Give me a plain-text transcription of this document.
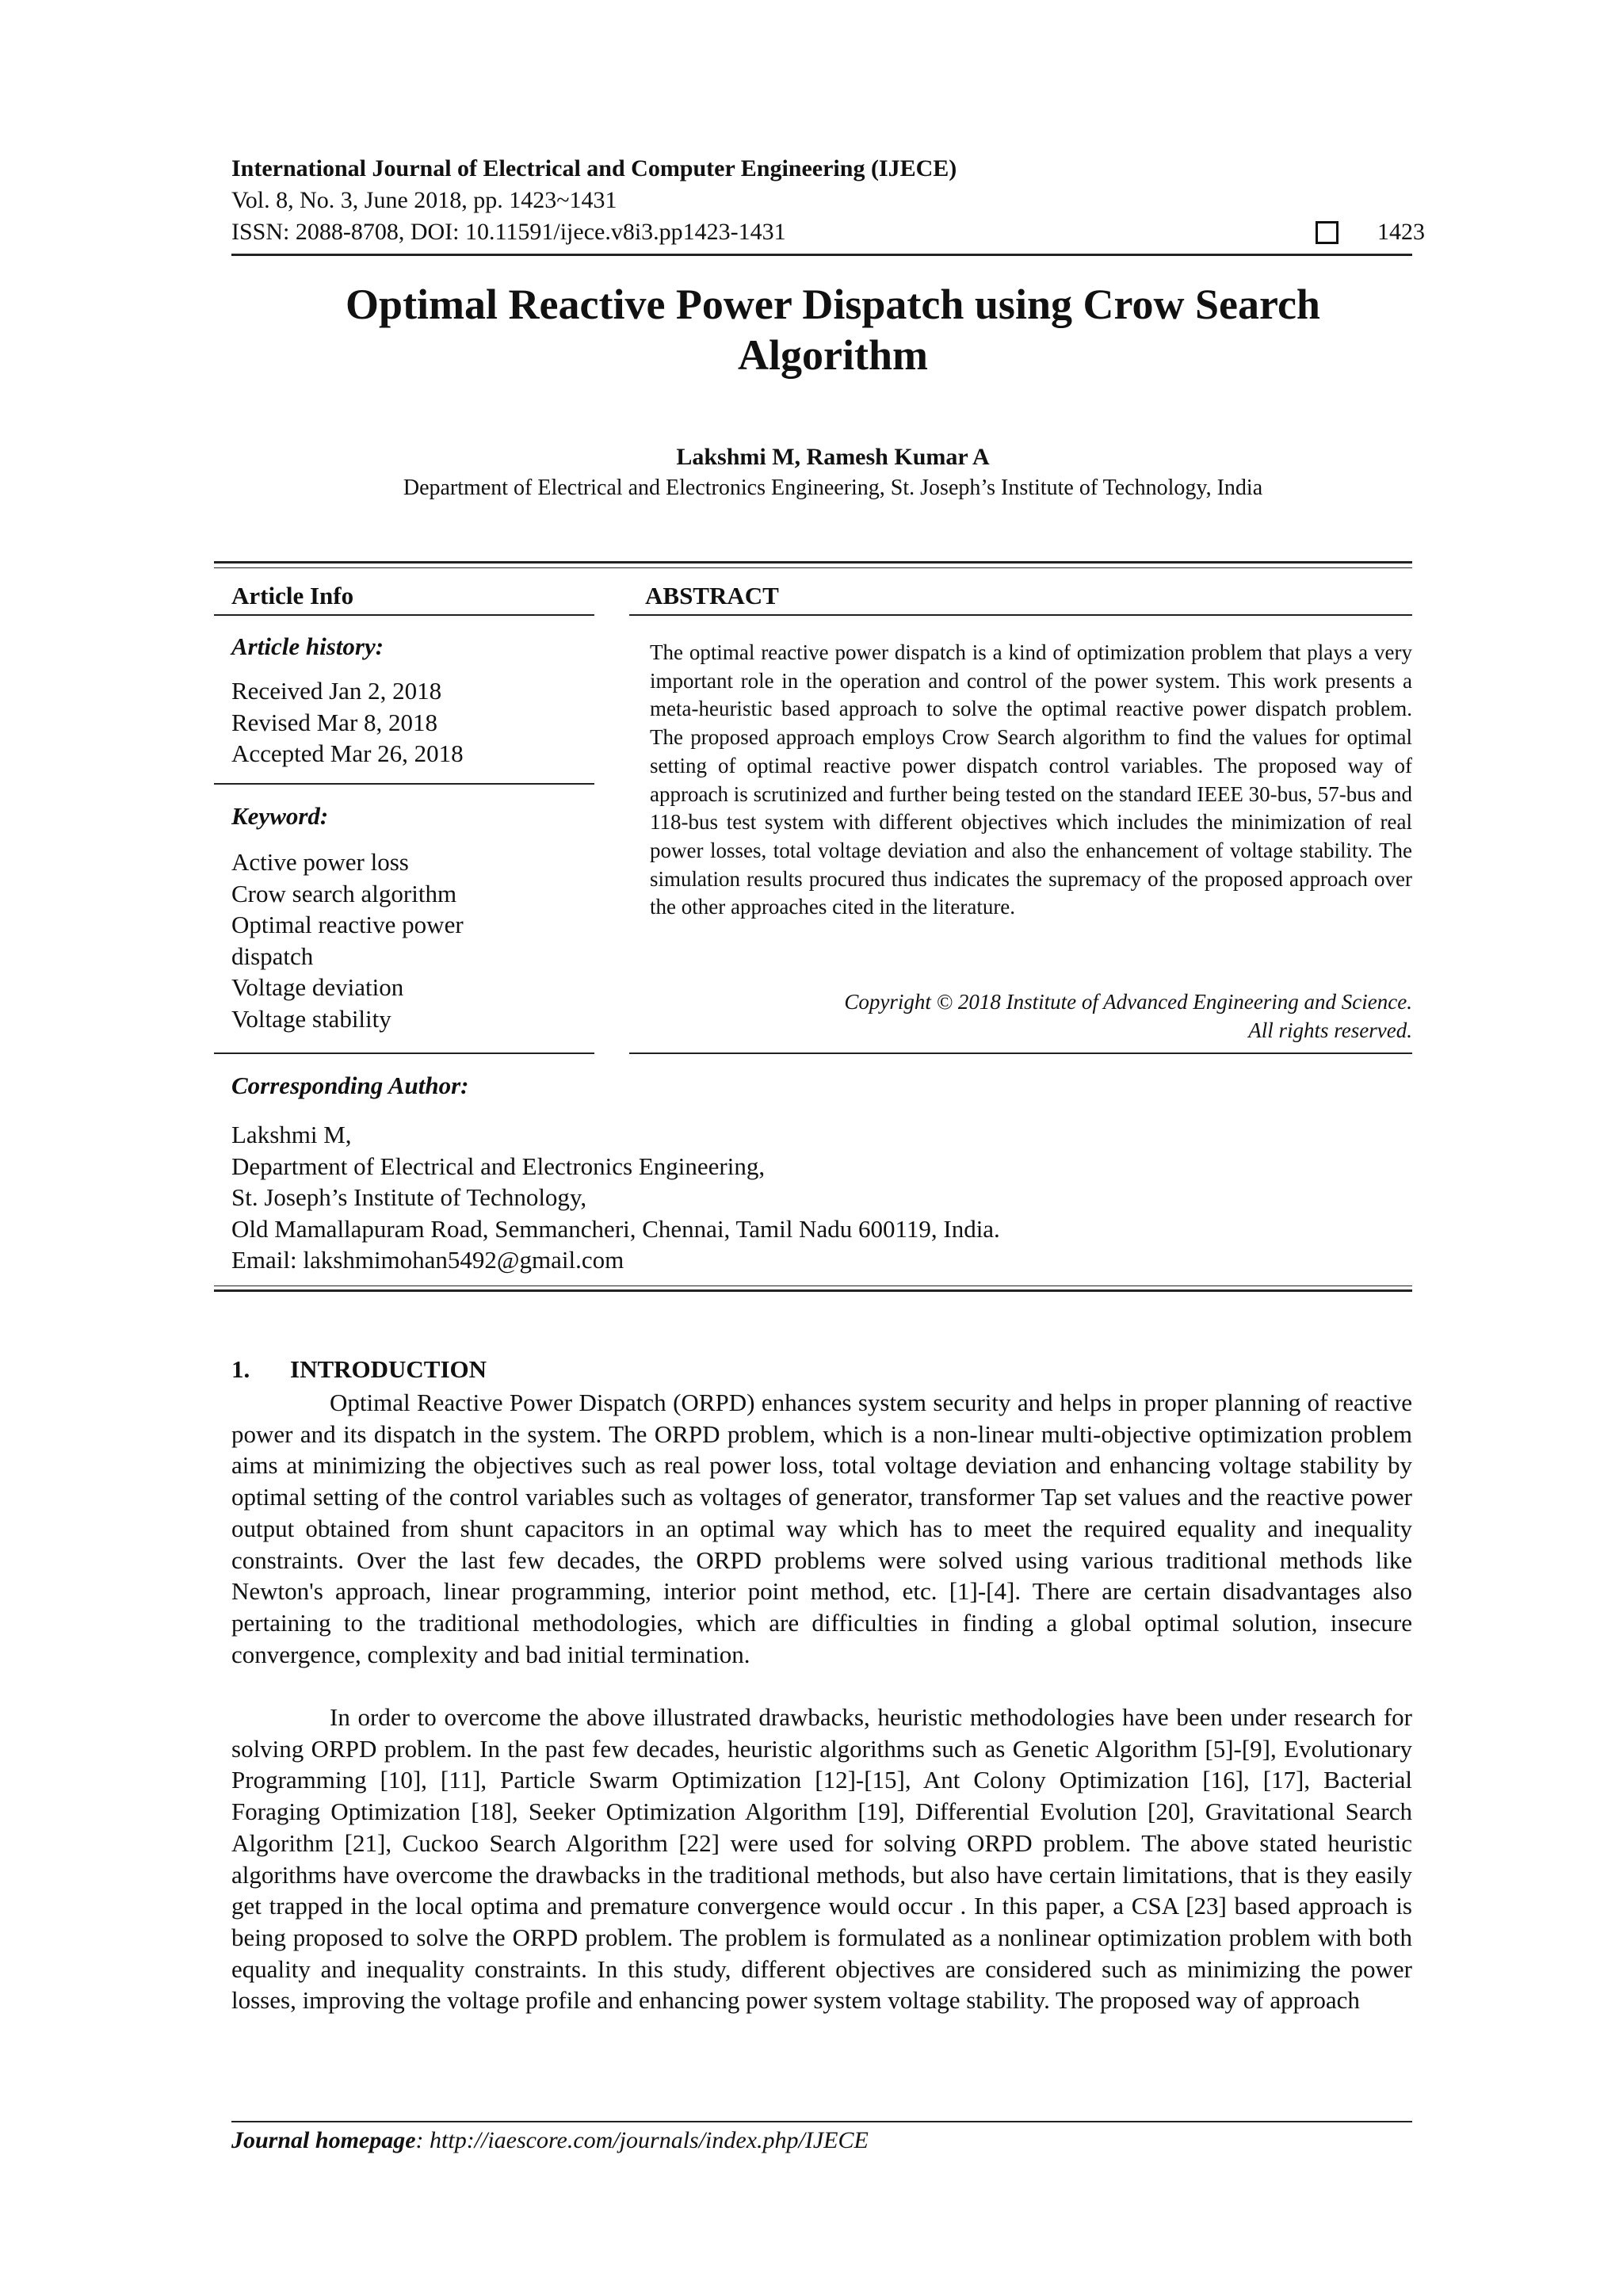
International Journal of Electrical and Computer Engineering (IJECE)
Vol. 8, No. 3, June 2018, pp. 1423~1431
ISSN: 2088-8708, DOI: 10.11591/ijece.v8i3.pp1423-1431	1423
Optimal Reactive Power Dispatch using Crow Search
Algorithm
Lakshmi M, Ramesh Kumar A
Department of Electrical and Electronics Engineering, St. Joseph’s Institute of Technology, India
Article Info
Article history:
Received Jan 2, 2018
Revised Mar 8, 2018
Accepted Mar 26, 2018
Keyword:
Active power loss
Crow search algorithm
Optimal reactive power
dispatch
Voltage deviation
Voltage stability
ABSTRACT
The optimal reactive power dispatch is a kind of optimization problem that plays a very important role in the operation and control of the power system. This work presents a meta-heuristic based approach to solve the optimal reactive power dispatch problem. The proposed approach employs Crow Search algorithm to find the values for optimal setting of optimal reactive power dispatch control variables. The proposed way of approach is scrutinized and further being tested on the standard IEEE 30-bus, 57-bus and 118-bus test system with different objectives which includes the minimization of real power losses, total voltage deviation and also the enhancement of voltage stability. The simulation results procured thus indicates the supremacy of the proposed approach over the other approaches cited in the literature.
Copyright © 2018 Institute of Advanced Engineering and Science.
All rights reserved.
Corresponding Author:
Lakshmi M,
Department of Electrical and Electronics Engineering,
St. Joseph’s Institute of Technology,
Old Mamallapuram Road, Semmancheri, Chennai, Tamil Nadu 600119, India.
Email: lakshmimohan5492@gmail.com
1. INTRODUCTION

Optimal Reactive Power Dispatch (ORPD) enhances system security and helps in proper planning of reactive power and its dispatch in the system. The ORPD problem, which is a non-linear multi-objective optimization problem aims at minimizing the objectives such as real power loss, total voltage deviation and enhancing voltage stability by optimal setting of the control variables such as voltages of generator, transformer Tap set values and the reactive power output obtained from shunt capacitors in an optimal way which has to meet the required equality and inequality constraints. Over the last few decades, the ORPD problems were solved using various traditional methods like Newton's approach, linear programming, interior point method, etc. [1]-[4]. There are certain disadvantages also pertaining to the traditional methodologies, which are difficulties in finding a global optimal solution, insecure convergence, complexity and bad initial termination.

In order to overcome the above illustrated drawbacks, heuristic methodologies have been under research for solving ORPD problem. In the past few decades, heuristic algorithms such as Genetic Algorithm [5]-[9], Evolutionary Programming [10], [11], Particle Swarm Optimization [12]-[15], Ant Colony Optimization [16], [17], Bacterial Foraging Optimization [18], Seeker Optimization Algorithm [19], Differential Evolution [20], Gravitational Search Algorithm [21], Cuckoo Search Algorithm [22] were used for solving ORPD problem. The above stated heuristic algorithms have overcome the drawbacks in the traditional methods, but also have certain limitations, that is they easily get trapped in the local optima and premature convergence would occur . In this paper, a CSA [23] based approach is being proposed to solve the ORPD problem. The problem is formulated as a nonlinear optimization problem with both equality and inequality constraints. In this study, different objectives are considered such as minimizing the power losses, improving the voltage profile and enhancing power system voltage stability. The proposed way of approach

Journal homepage: http://iaescore.com/journals/index.php/IJECE
